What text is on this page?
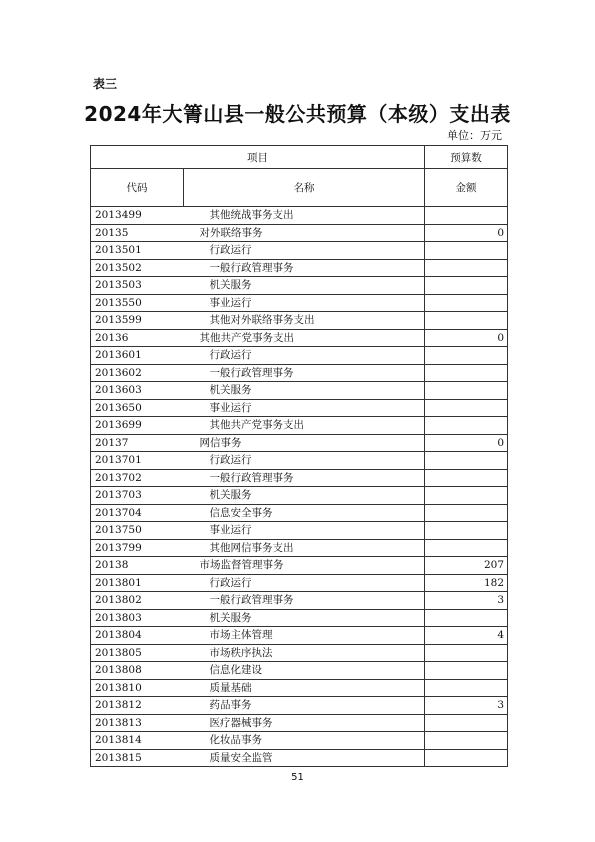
表三
2024年大箐山县一般公共预算（本级）支出表
单位：万元
项目		预算数
代码	名称	金额
2013499	其他统战事务支出	
20135	对外联络事务	0
2013501	行政运行	
2013502	一般行政管理事务	
2013503	机关服务	
2013550	事业运行	
2013599	其他对外联络事务支出	
20136	其他共产党事务支出	0
2013601	行政运行	
2013602	一般行政管理事务	
2013603	机关服务	
2013650	事业运行	
2013699	其他共产党事务支出	
20137	网信事务	0
2013701	行政运行	
2013702	一般行政管理事务	
2013703	机关服务	
2013704	信息安全事务	
2013750	事业运行	
2013799	其他网信事务支出	
20138	市场监督管理事务	207
2013801	行政运行	182
2013802	一般行政管理事务	3
2013803	机关服务	
2013804	市场主体管理	4
2013805	市场秩序执法	
2013808	信息化建设	
2013810	质量基础	
2013812	药品事务	3
2013813	医疗器械事务	
2013814	化妆品事务	
2013815	质量安全监管	
51
